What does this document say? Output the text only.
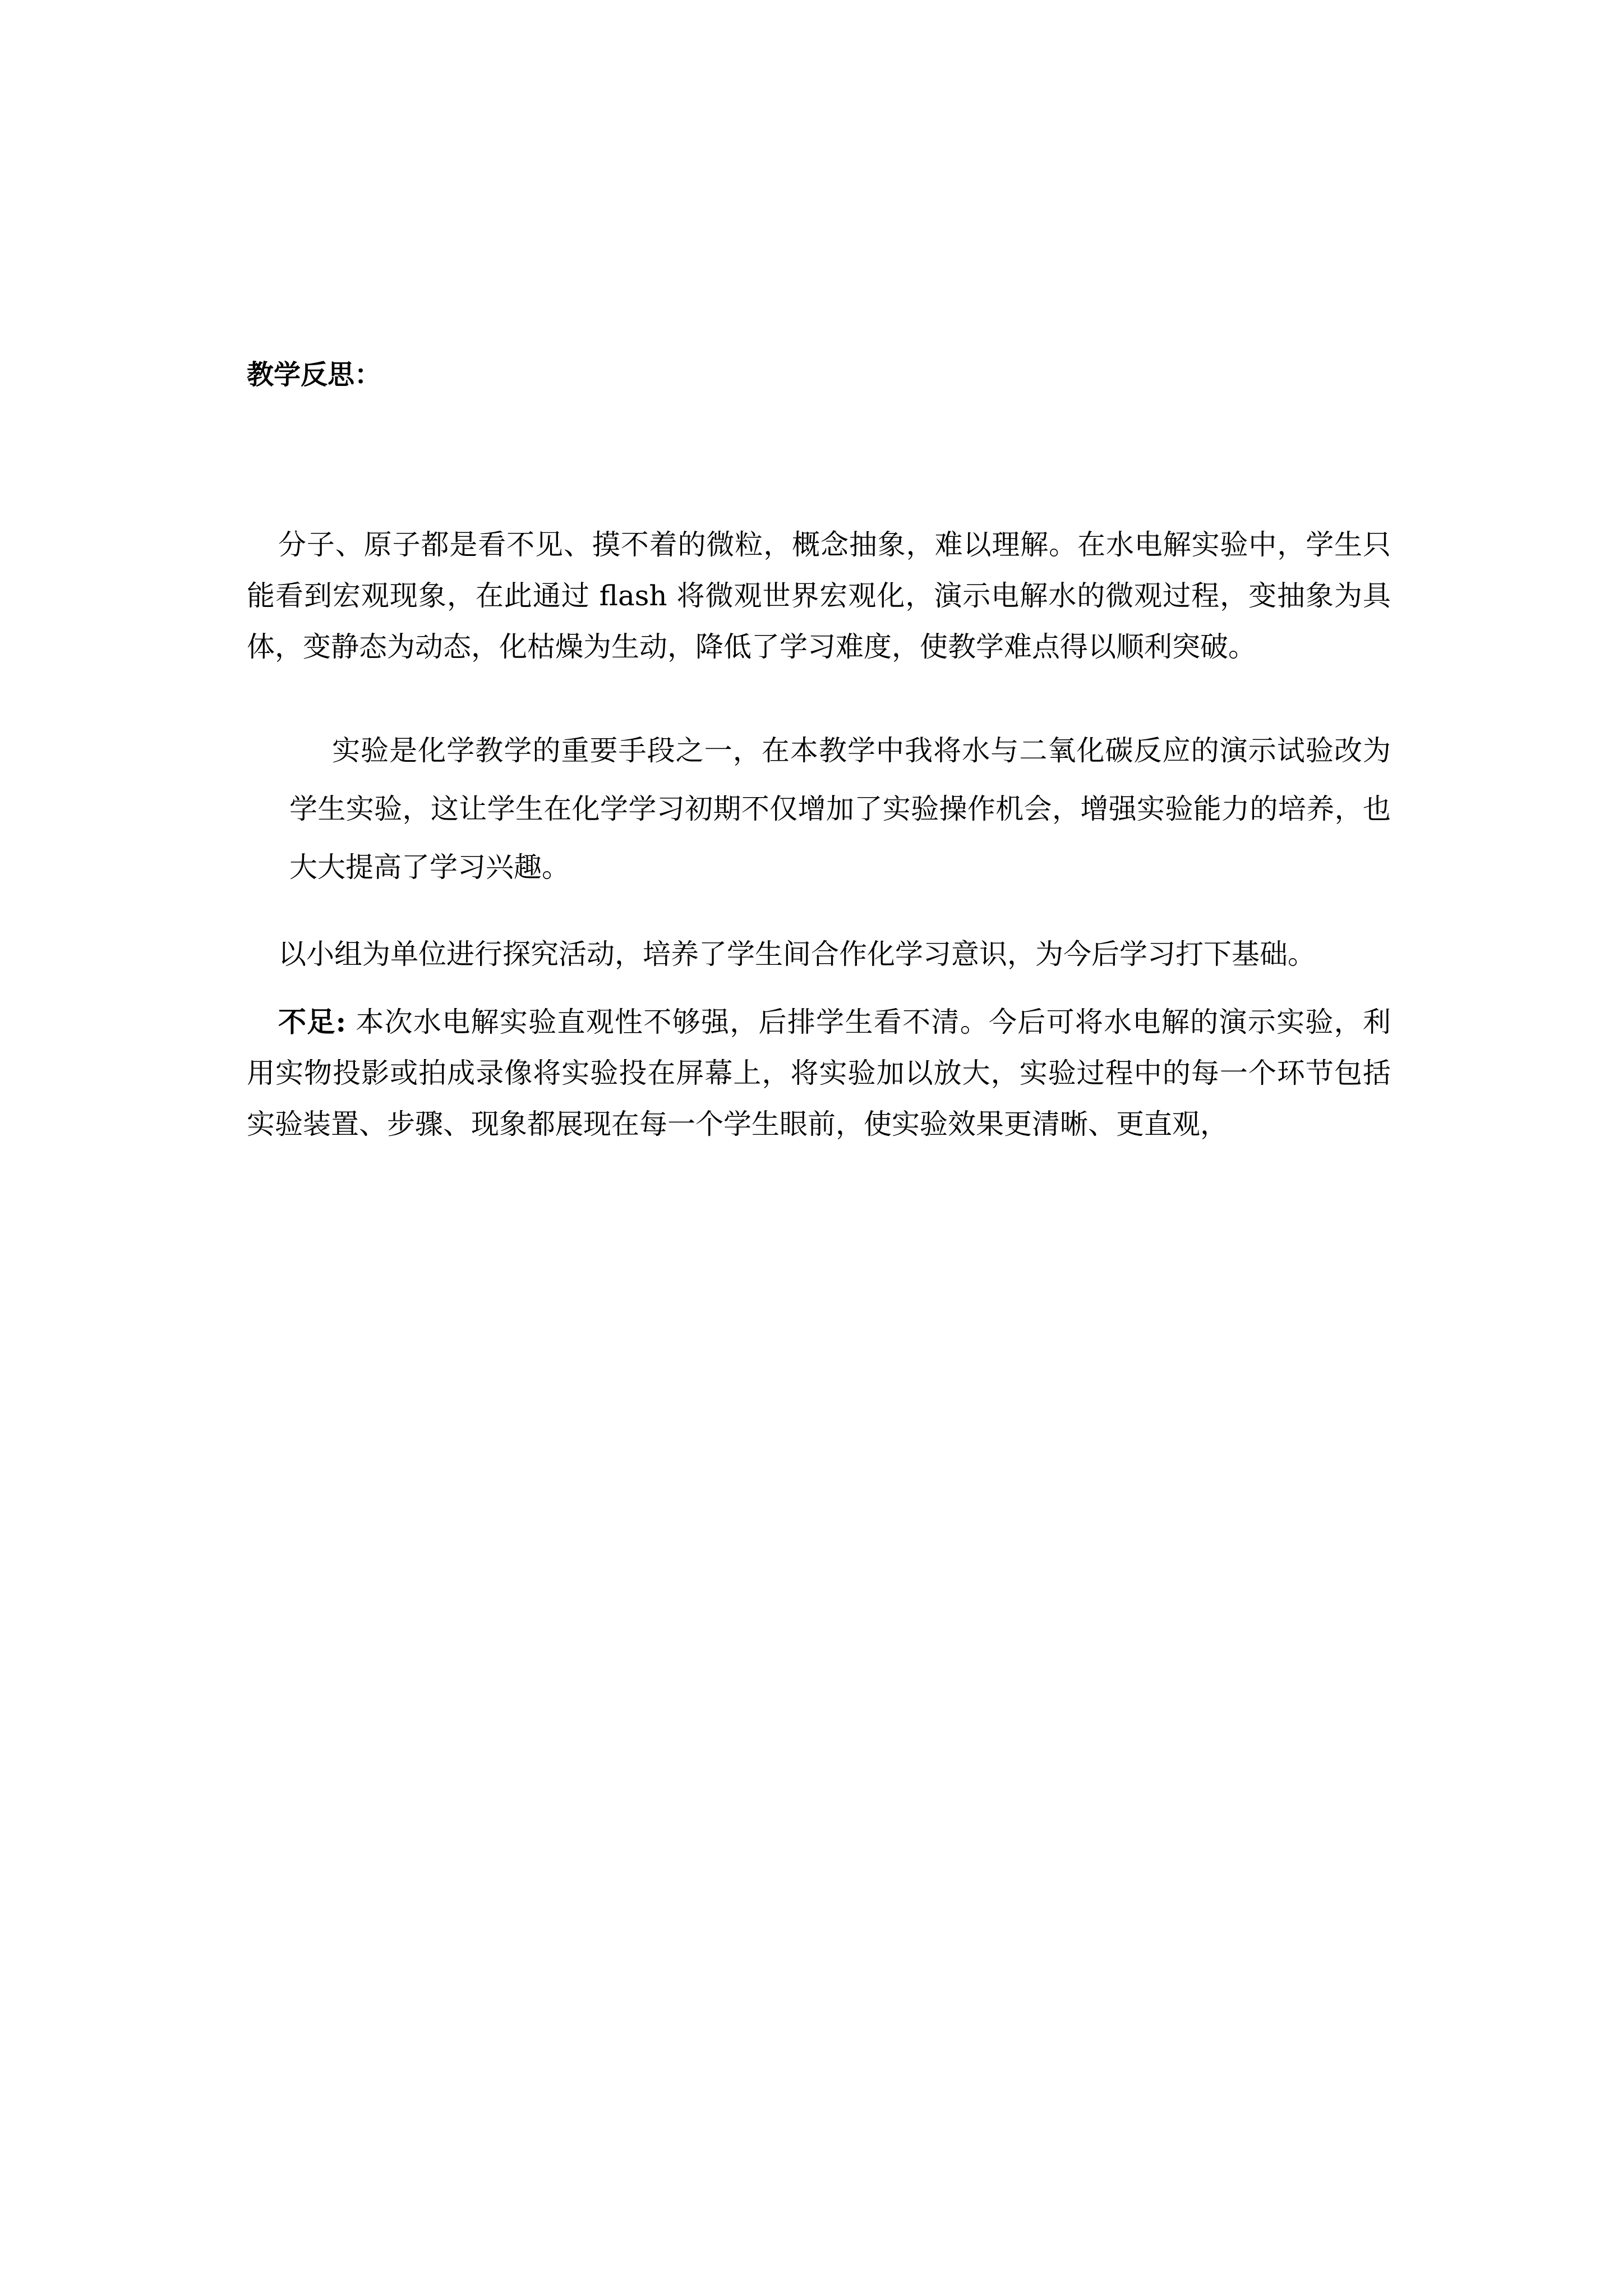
教学反思：

分子、原子都是看不见、摸不着的微粒，概念抽象，难以理解。在水电解实验中，学生只能看到宏观现象，在此通过 flash 将微观世界宏观化，演示电解水的微观过程，变抽象为具体，变静态为动态，化枯燥为生动，降低了学习难度，使教学难点得以顺利突破。

实验是化学教学的重要手段之一，在本教学中我将水与二氧化碳反应的演示试验改为学生实验，这让学生在化学学习初期不仅增加了实验操作机会，增强实验能力的培养，也大大提高了学习兴趣。

以小组为单位进行探究活动，培养了学生间合作化学习意识，为今后学习打下基础。

不足: 本次水电解实验直观性不够强，后排学生看不清。今后可将水电解的演示实验，利用实物投影或拍成录像将实验投在屏幕上，将实验加以放大，实验过程中的每一个环节包括实验装置、步骤、现象都展现在每一个学生眼前，使实验效果更清晰、更直观，
